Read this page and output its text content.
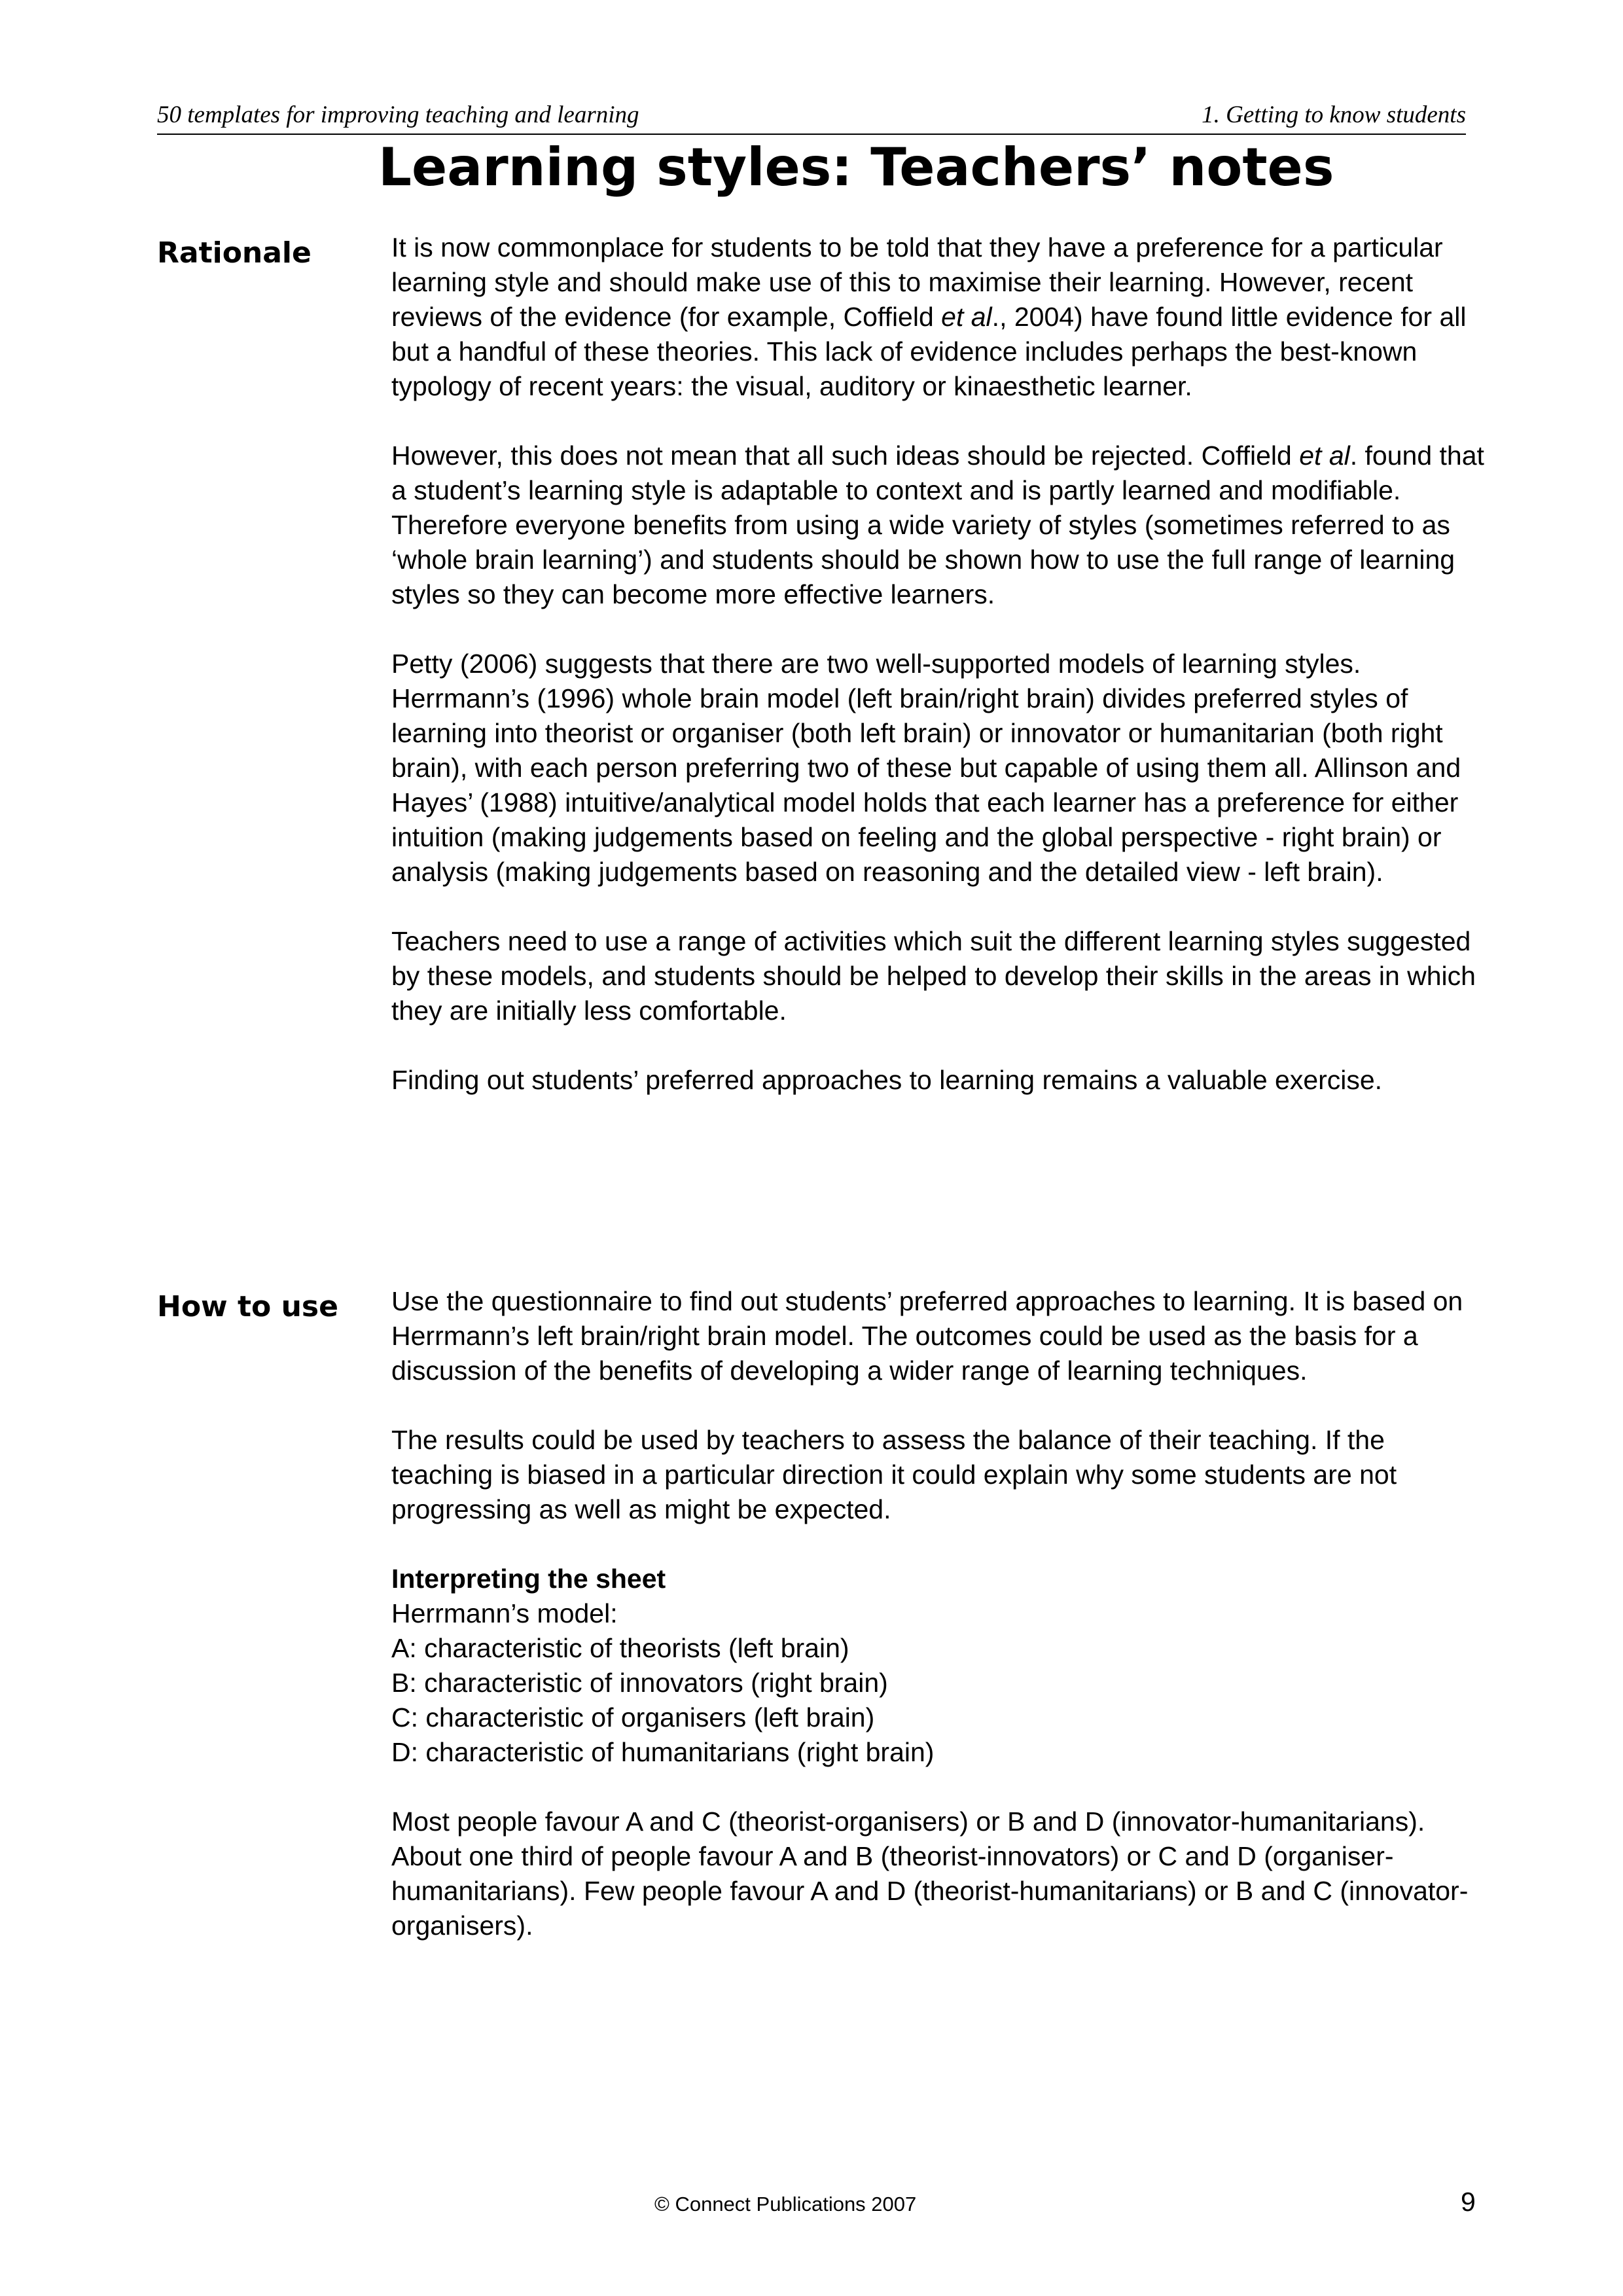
50 templates for improving teaching and learning	1. Getting to know students
Learning styles: Teachers’ notes
Rationale	It is now commonplace for students to be told that they have a preference for a particular learning style and should make use of this to maximise their learning. However, recent reviews of the evidence (for example, Coffield et al., 2004) have found little evidence for all but a handful of these theories. This lack of evidence includes perhaps the best-known typology of recent years: the visual, auditory or kinaesthetic learner.

However, this does not mean that all such ideas should be rejected. Coffield et al. found that a student’s learning style is adaptable to context and is partly learned and modifiable. Therefore everyone benefits from using a wide variety of styles (sometimes referred to as ‘whole brain learning’) and students should be shown how to use the full range of learning styles so they can become more effective learners.

Petty (2006) suggests that there are two well-supported models of learning styles. Herrmann’s (1996) whole brain model (left brain/right brain) divides preferred styles of learning into theorist or organiser (both left brain) or innovator or humanitarian (both right brain), with each person preferring two of these but capable of using them all. Allinson and Hayes’ (1988) intuitive/analytical model holds that each learner has a preference for either intuition (making judgements based on feeling and the global perspective - right brain) or analysis (making judgements based on reasoning and the detailed view - left brain).

Teachers need to use a range of activities which suit the different learning styles suggested by these models, and students should be helped to develop their skills in the areas in which they are initially less comfortable.

Finding out students’ preferred approaches to learning remains a valuable exercise.

How to use Use the questionnaire to find out students’ preferred approaches to learning. It is based on Herrmann’s left brain/right brain model. The outcomes could be used as the basis for a discussion of the benefits of developing a wider range of learning techniques.

The results could be used by teachers to assess the balance of their teaching. If the teaching is biased in a particular direction it could explain why some students are not progressing as well as might be expected.

Interpreting the sheet

Herrmann’s model:

A: characteristic of theorists (left brain)

B: characteristic of innovators (right brain)

C: characteristic of organisers (left brain)

D: characteristic of humanitarians (right brain)

Most people favour A and C (theorist-organisers) or B and D (innovator-humanitarians). About one third of people favour A and B (theorist-innovators) or C and D (organiser-humanitarians). Few people favour A and D (theorist-humanitarians) or B and C (innovator-organisers).

© Connect Publications 2007	9
